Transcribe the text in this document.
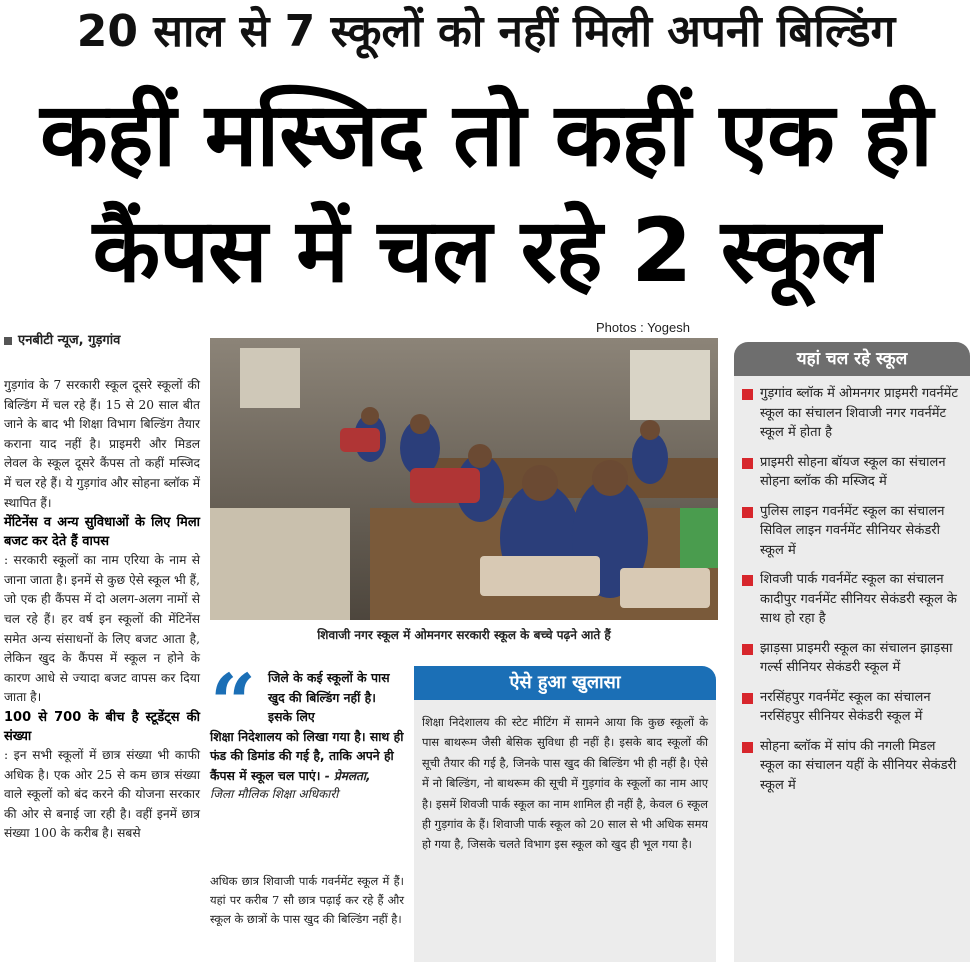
20 साल से 7 स्कूलों को नहीं मिली अपनी बिल्डिंग
कहीं मस्जिद तो कहीं एक ही
कैंपस में चल रहे 2 स्कूल
एनबीटी न्यूज, गुड़गांव

गुड़गांव के 7 सरकारी स्कूल दूसरे स्कूलों की बिल्डिंग में चल रहे हैं। 15 से 20 साल बीत जाने के बाद भी शिक्षा विभाग बिल्डिंग तैयार कराना याद नहीं है। प्राइमरी और मिडल लेवल के स्कूल दूसरे कैंपस तो कहीं मस्जिद में चल रहे हैं। ये गुड़गांव और सोहना ब्लॉक में स्थापित हैं।

मेंटिनेंस व अन्य सुविधाओं के लिए मिला बजट कर देते हैं वापस

: सरकारी स्कूलों का नाम एरिया के नाम से जाना जाता है। इनमें से कुछ ऐसे स्कूल भी हैं, जो एक ही कैंपस में दो अलग-अलग नामों से चल रहे हैं। हर वर्ष इन स्कूलों की मेंटिनेंस समेत अन्य संसाधनों के लिए बजट आता है, लेकिन खुद के कैंपस में स्कूल न होने के कारण आधे से ज्यादा बजट वापस कर दिया जाता है।

100 से 700 के बीच है स्टूडेंट्स की संख्या

: इन सभी स्कूलों में छात्र संख्या भी काफी अधिक है। एक ओर 25 से कम छात्र संख्या वाले स्कूलों को बंद करने की योजना सरकार की ओर से बनाई जा रही है। वहीं इनमें छात्र संख्या 100 के करीब है। सबसे

Photos : Yogesh
शिवाजी नगर स्कूल में ओमनगर सरकारी स्कूल के बच्चे पढ़ने आते हैं
“ जिले के कई स्कूलों के पास खुद की बिल्डिंग नहीं है। इसके लिए
शिक्षा निदेशालय को लिखा गया है। साथ ही फंड की डिमांड की गई है, ताकि अपने ही कैंपस में स्कूल चल पाएं। - प्रेमलता,
जिला मौलिक शिक्षा अधिकारी
अधिक छात्र शिवाजी पार्क गवर्नमेंट स्कूल में हैं। यहां पर करीब 7 सौ छात्र पढ़ाई कर रहे हैं और स्कूल के छात्रों के पास खुद की बिल्डिंग नहीं है।
ऐसे हुआ खुलासा
शिक्षा निदेशालय की स्टेट मीटिंग में सामने आया कि कुछ स्कूलों के पास बाथरूम जैसी बेसिक सुविधा ही नहीं है। इसके बाद स्कूलों की सूची तैयार की गई है, जिनके पास खुद की बिल्डिंग भी ही नहीं है। ऐसे में नो बिल्डिंग, नो बाथरूम की सूची में गुड़गांव के स्कूलों का नाम आए है। इसमें शिवजी पार्क स्कूल का नाम शामिल ही नहीं है, केवल 6 स्कूल ही गुड़गांव के हैं। शिवाजी पार्क स्कूल को 20 साल से भी अधिक समय हो गया है, जिसके चलते विभाग इस स्कूल को खुद ही भूल गया है।
यहां चल रहे स्कूल
गुड़गांव ब्लॉक में ओमनगर प्राइमरी गवर्नमेंट स्कूल का संचालन शिवाजी नगर गवर्नमेंट स्कूल में होता है
प्राइमरी सोहना बॉयज स्कूल का संचालन सोहना ब्लॉक की मस्जिद में
पुलिस लाइन गवर्नमेंट स्कूल का संचालन सिविल लाइन गवर्नमेंट सीनियर सेकंडरी स्कूल में
शिवजी पार्क गवर्नमेंट स्कूल का संचालन कादीपुर गवर्नमेंट सीनियर सेकंडरी स्कूल के साथ हो रहा है
झाड़सा प्राइमरी स्कूल का संचालन झाड़सा गर्ल्स सीनियर सेकंडरी स्कूल में
नरसिंहपुर गवर्नमेंट स्कूल का संचालन नरसिंहपुर सीनियर सेकंडरी स्कूल में
सोहना ब्लॉक में सांप की नगली मिडल स्कूल का संचालन यहीं के सीनियर सेकंडरी स्कूल में
